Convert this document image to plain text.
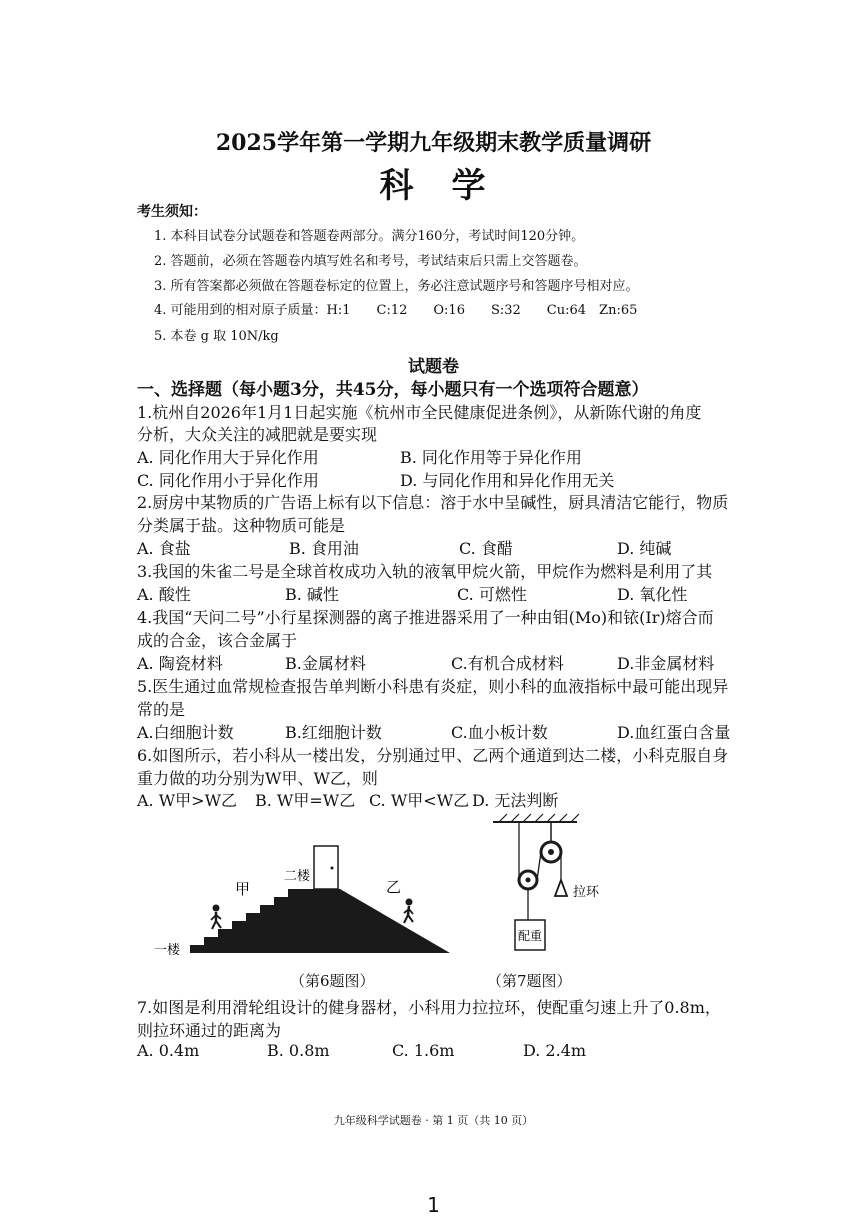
2025学年第一学期九年级期末教学质量调研
科　学
考生须知：
1. 本科目试卷分试题卷和答题卷两部分。满分160分，考试时间120分钟。
2. 答题前，必须在答题卷内填写姓名和考号，考试结束后只需上交答题卷。
3. 所有答案都必须做在答题卷标定的位置上，务必注意试题序号和答题序号相对应。
4. 可能用到的相对原子质量：H:1　　C:12　　O:16　　S:32　　Cu:64　Zn:65
5. 本卷 g 取 10N/kg
试题卷
一、选择题（每小题3分，共45分，每小题只有一个选项符合题意）
1.杭州自2026年1月1日起实施《杭州市全民健康促进条例》，从新陈代谢的角度
分析，大众关注的减肥就是要实现
A. 同化作用大于异化作用	B. 同化作用等于异化作用
C. 同化作用小于异化作用	D. 与同化作用和异化作用无关
2.厨房中某物质的广告语上标有以下信息：溶于水中呈碱性，厨具清洁它能行，物质
分类属于盐。这种物质可能是
A. 食盐	B. 食用油	C. 食醋	D. 纯碱
3.我国的朱雀二号是全球首枚成功入轨的液氧甲烷火箭，甲烷作为燃料是利用了其
A. 酸性	B. 碱性	C. 可燃性	D. 氧化性
4.我国“天问二号”小行星探测器的离子推进器采用了一种由钼(Mo)和铱(Ir)熔合而
成的合金，该合金属于
A. 陶瓷材料	B.金属材料	C.有机合成材料	D.非金属材料
5.医生通过血常规检查报告单判断小科患有炎症，则小科的血液指标中最可能出现异
常的是
A.白细胞计数	B.红细胞计数	C.血小板计数	D.血红蛋白含量
6.如图所示，若小科从一楼出发，分别通过甲、乙两个通道到达二楼，小科克服自身
重力做的功分别为W甲、W乙，则
A. W甲>W乙 B. W甲=W乙 C. W甲<W乙 D. 无法判断
一楼
二楼
甲	乙
配重
拉环
（第6题图）	（第7题图）
7.如图是利用滑轮组设计的健身器材，小科用力拉拉环，使配重匀速上升了0.8m，
则拉环通过的距离为
A. 0.4m	B. 0.8m	C. 1.6m	D. 2.4m
九年级科学试题卷 · 第 1 页（共 10 页）
1
